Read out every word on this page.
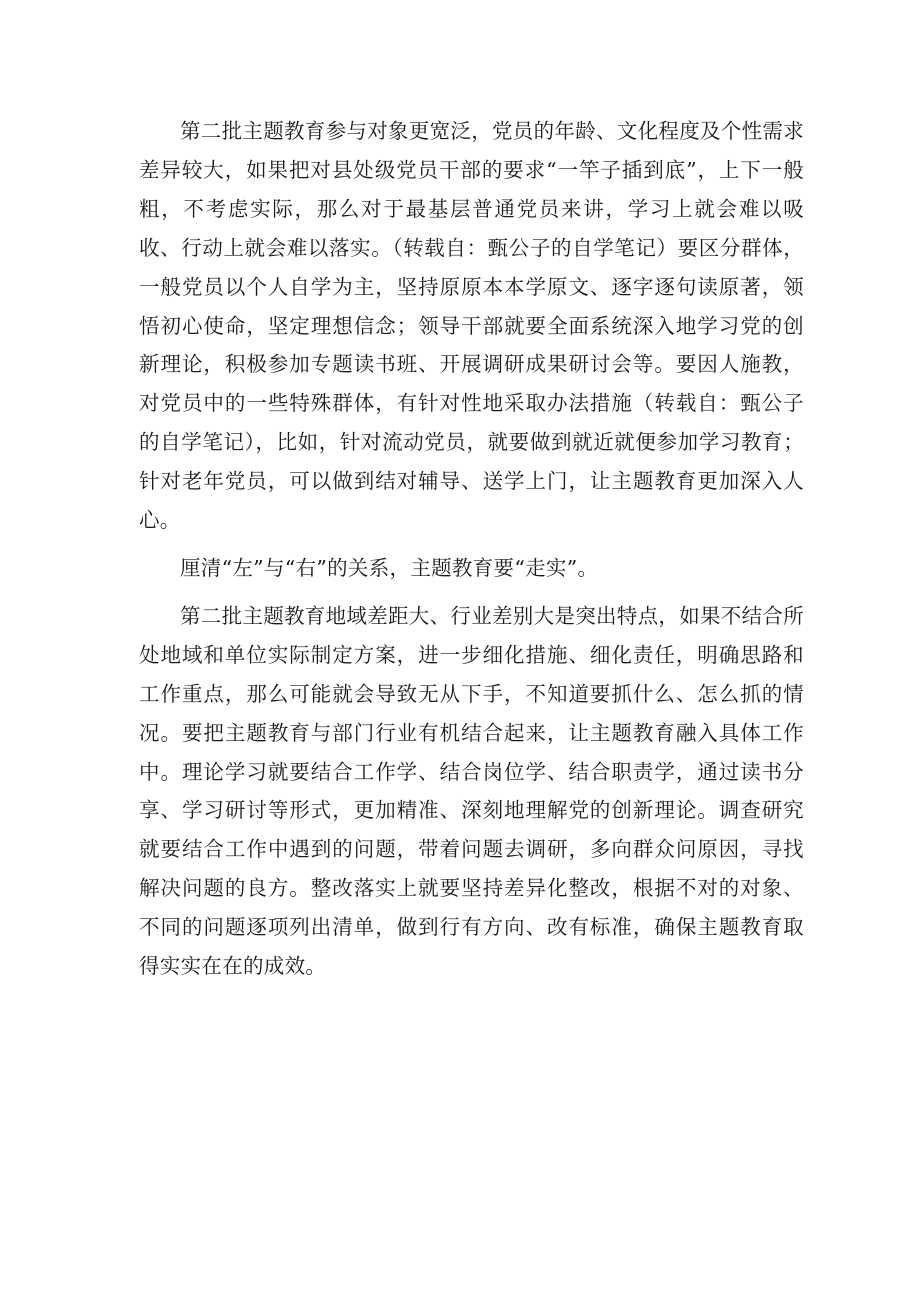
第二批主题教育参与对象更宽泛，党员的年龄、文化程度及个性需求差异较大，如果把对县处级党员干部的要求“一竿子插到底”，上下一般粗，不考虑实际，那么对于最基层普通党员来讲，学习上就会难以吸收、行动上就会难以落实。（转载自：甄公子的自学笔记）要区分群体，一般党员以个人自学为主，坚持原原本本学原文、逐字逐句读原著，领悟初心使命，坚定理想信念；领导干部就要全面系统深入地学习党的创新理论，积极参加专题读书班、开展调研成果研讨会等。要因人施教，对党员中的一些特殊群体，有针对性地采取办法措施（转载自：甄公子的自学笔记），比如，针对流动党员，就要做到就近就便参加学习教育；针对老年党员，可以做到结对辅导、送学上门，让主题教育更加深入人心。

厘清“左”与“右”的关系，主题教育要“走实”。

第二批主题教育地域差距大、行业差别大是突出特点，如果不结合所处地域和单位实际制定方案，进一步细化措施、细化责任，明确思路和工作重点，那么可能就会导致无从下手，不知道要抓什么、怎么抓的情况。要把主题教育与部门行业有机结合起来，让主题教育融入具体工作中。理论学习就要结合工作学、结合岗位学、结合职责学，通过读书分享、学习研讨等形式，更加精准、深刻地理解党的创新理论。调查研究就要结合工作中遇到的问题，带着问题去调研，多向群众问原因，寻找解决问题的良方。整改落实上就要坚持差异化整改，根据不对的对象、不同的问题逐项列出清单，做到行有方向、改有标准，确保主题教育取得实实在在的成效。
